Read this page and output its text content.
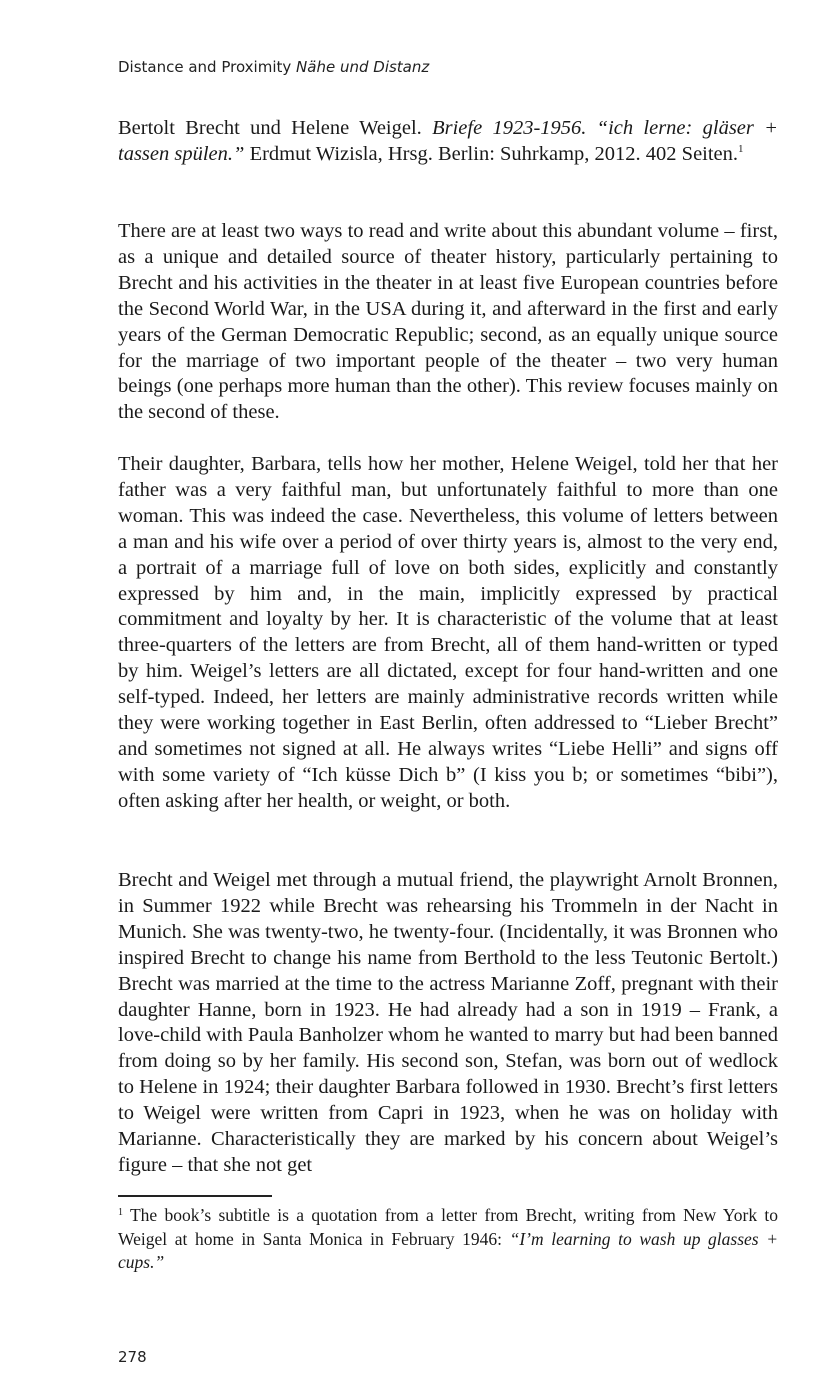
Distance and Proximity Nähe und Distanz

Bertolt Brecht und Helene Weigel. Briefe 1923-1956. “ich lerne: gläser + tassen spülen.” Erdmut Wizisla, Hrsg. Berlin: Suhrkamp, 2012. 402 Seiten.$^1$

There are at least two ways to read and write about this abundant volume – first, as a unique and detailed source of theater history, particularly pertaining to Brecht and his activities in the theater in at least five European countries before the Second World War, in the USA during it, and afterward in the first and early years of the German Democratic Republic; second, as an equally unique source for the marriage of two important people of the theater – two very human beings (one perhaps more human than the other). This review focuses mainly on the second of these.

Their daughter, Barbara, tells how her mother, Helene Weigel, told her that her father was a very faithful man, but unfortunately faithful to more than one woman. This was indeed the case. Nevertheless, this volume of letters between a man and his wife over a period of over thirty years is, almost to the very end, a portrait of a marriage full of love on both sides, explicitly and constantly expressed by him and, in the main, implicitly expressed by practical commitment and loyalty by her. It is characteristic of the volume that at least three-quarters of the letters are from Brecht, all of them hand-written or typed by him. Weigel’s letters are all dictated, except for four hand-written and one self-typed. Indeed, her letters are mainly administrative records written while they were working together in East Berlin, often addressed to “Lieber Brecht” and sometimes not signed at all. He always writes “Liebe Helli” and signs off with some variety of “Ich küsse Dich b” (I kiss you b; or sometimes “bibi”), often asking after her health, or weight, or both.

Brecht and Weigel met through a mutual friend, the playwright Arnolt Bronnen, in Summer 1922 while Brecht was rehearsing his Trommeln in der Nacht in Munich. She was twenty-two, he twenty-four. (Incidentally, it was Bronnen who inspired Brecht to change his name from Berthold to the less Teutonic Bertolt.) Brecht was married at the time to the actress Marianne Zoff, pregnant with their daughter Hanne, born in 1923. He had already had a son in 1919 – Frank, a love-child with Paula Banholzer whom he wanted to marry but had been banned from doing so by her family. His second son, Stefan, was born out of wedlock to Helene in 1924; their daughter Barbara followed in 1930. Brecht’s first letters to Weigel were written from Capri in 1923, when he was on holiday with Marianne. Characteristically they are marked by his concern about Weigel’s figure – that she not get

$^1$ The book’s subtitle is a quotation from a letter from Brecht, writing from New York to Weigel at home in Santa Monica in February 1946: “I’m learning to wash up glasses + cups.”

278
